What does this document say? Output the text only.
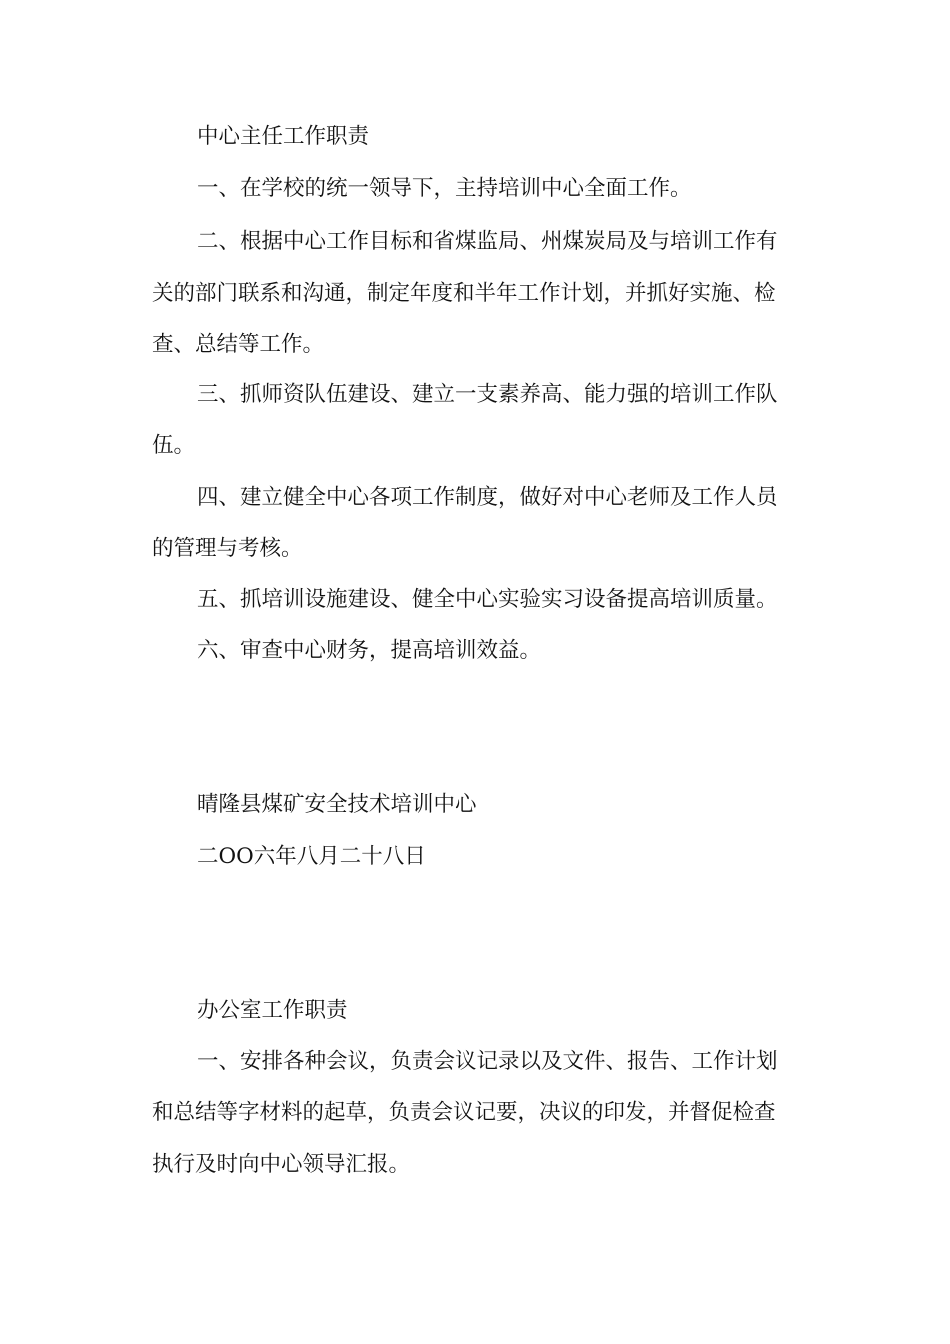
中心主任工作职责
一、在学校的统一领导下，主持培训中心全面工作。
二、根据中心工作目标和省煤监局、州煤炭局及与培训工作有
关的部门联系和沟通，制定年度和半年工作计划，并抓好实施、检
查、总结等工作。
三、抓师资队伍建设、建立一支素养高、能力强的培训工作队
伍。
四、建立健全中心各项工作制度，做好对中心老师及工作人员
的管理与考核。
五、抓培训设施建设、健全中心实验实习设备提高培训质量。
六、审查中心财务，提高培训效益。
晴隆县煤矿安全技术培训中心
二OO六年八月二十八日
办公室工作职责
一、安排各种会议，负责会议记录以及文件、报告、工作计划
和总结等字材料的起草，负责会议记要，决议的印发，并督促检查
执行及时向中心领导汇报。
